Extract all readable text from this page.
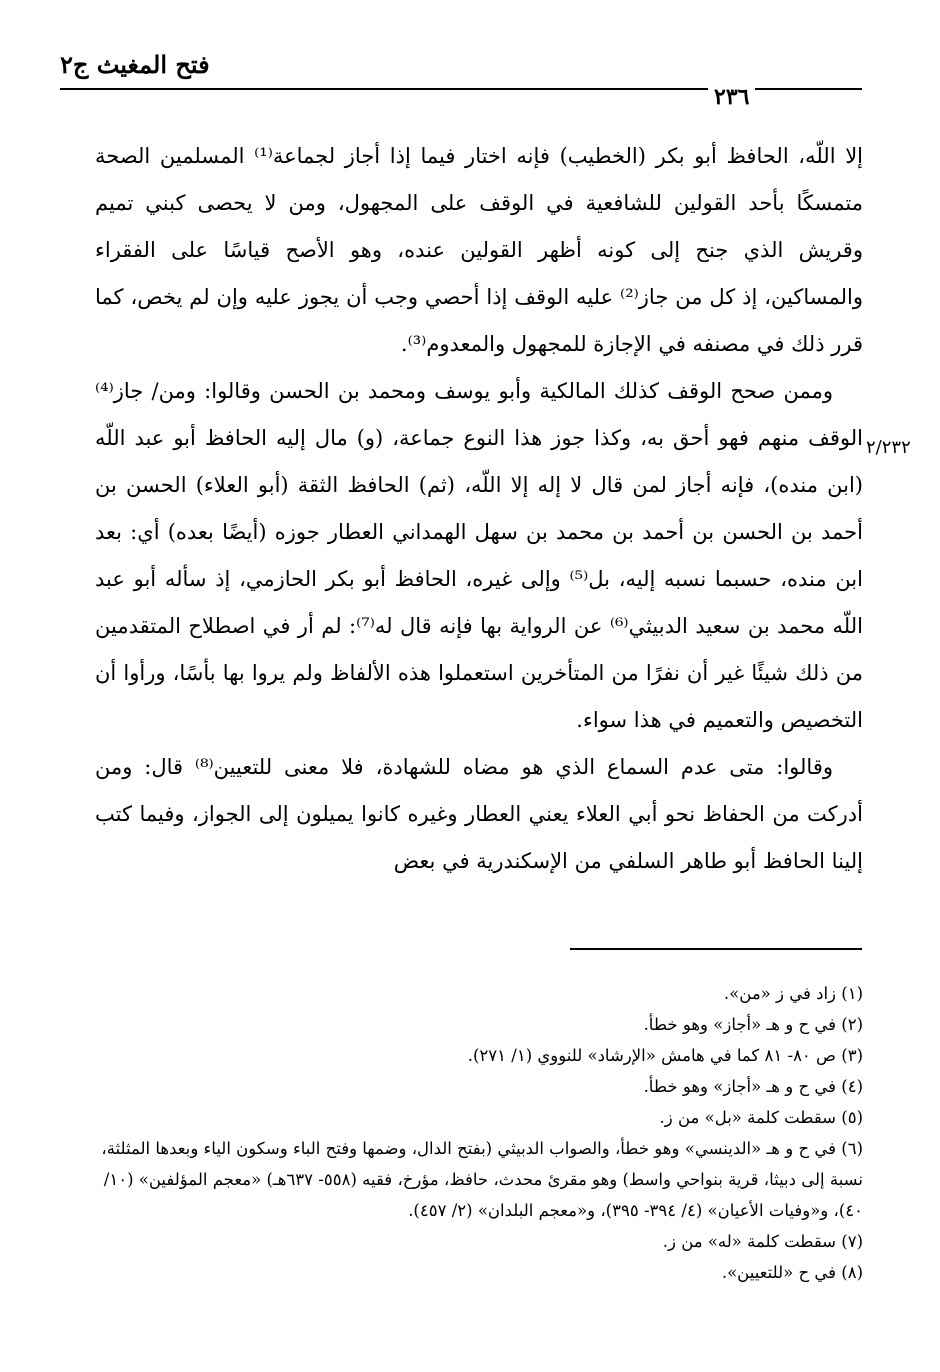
فتح المغيث ج٢
٢٣٦
٢/٢٣٢

إلا اللّه، الحافظ أبو بكر (الخطيب) فإنه اختار فيما إذا أجاز لجماعة⁽¹⁾ المسلمين الصحة متمسكًا بأحد القولين للشافعية في الوقف على المجهول، ومن لا يحصى كبني تميم وقريش الذي جنح إلى كونه أظهر القولين عنده، وهو الأصح قياسًا على الفقراء والمساكين، إذ كل من جاز⁽²⁾ عليه الوقف إذا أحصي وجب أن يجوز عليه وإن لم يخص، كما قرر ذلك في مصنفه في الإجازة للمجهول والمعدوم⁽³⁾.

وممن صحح الوقف كذلك المالكية وأبو يوسف ومحمد بن الحسن وقالوا: ومن/ جاز⁽⁴⁾ الوقف منهم فهو أحق به، وكذا جوز هذا النوع جماعة، (و) مال إليه الحافظ أبو عبد اللّه (ابن منده)، فإنه أجاز لمن قال لا إله إلا اللّه، (ثم) الحافظ الثقة (أبو العلاء) الحسن بن أحمد بن الحسن بن أحمد بن محمد بن سهل الهمداني العطار جوزه (أيضًا بعده) أي: بعد ابن منده، حسبما نسبه إليه، بل⁽⁵⁾ وإلى غيره، الحافظ أبو بكر الحازمي، إذ سأله أبو عبد اللّه محمد بن سعيد الدبيثي⁽⁶⁾ عن الرواية بها فإنه قال له⁽⁷⁾: لم أر في اصطلاح المتقدمين من ذلك شيئًا غير أن نفرًا من المتأخرين استعملوا هذه الألفاظ ولم يروا بها بأسًا، ورأوا أن التخصيص والتعميم في هذا سواء.

وقالوا: متى عدم السماع الذي هو مضاه للشهادة، فلا معنى للتعيين⁽⁸⁾ قال: ومن أدركت من الحفاظ نحو أبي العلاء يعني العطار وغيره كانوا يميلون إلى الجواز، وفيما كتب إلينا الحافظ أبو طاهر السلفي من الإسكندرية في بعض

(١) زاد في ز «من».

(٢) في ح و هـ «أجاز» وهو خطأ.

(٣) ص ٨٠- ٨١ كما في هامش «الإرشاد» للنووي (١/ ٢٧١).

(٤) في ح و هـ «أجاز» وهو خطأ.

(٥) سقطت كلمة «بل» من ز.

(٦) في ح و هـ «الدينسي» وهو خطأ، والصواب الدبيثي (بفتح الدال، وضمها وفتح الباء وسكون الياء وبعدها المثلثة، نسبة إلى دبيثا، قرية بنواحي واسط) وهو مقرئ محدث، حافظ، مؤرخ، فقيه (٥٥٨- ٦٣٧هـ) «معجم المؤلفين» (١٠/ ٤٠)، و«وفيات الأعيان» (٤/ ٣٩٤- ٣٩٥)، و«معجم البلدان» (٢/ ٤٥٧).

(٧) سقطت كلمة «له» من ز.

(٨) في ح «للتعيين».
